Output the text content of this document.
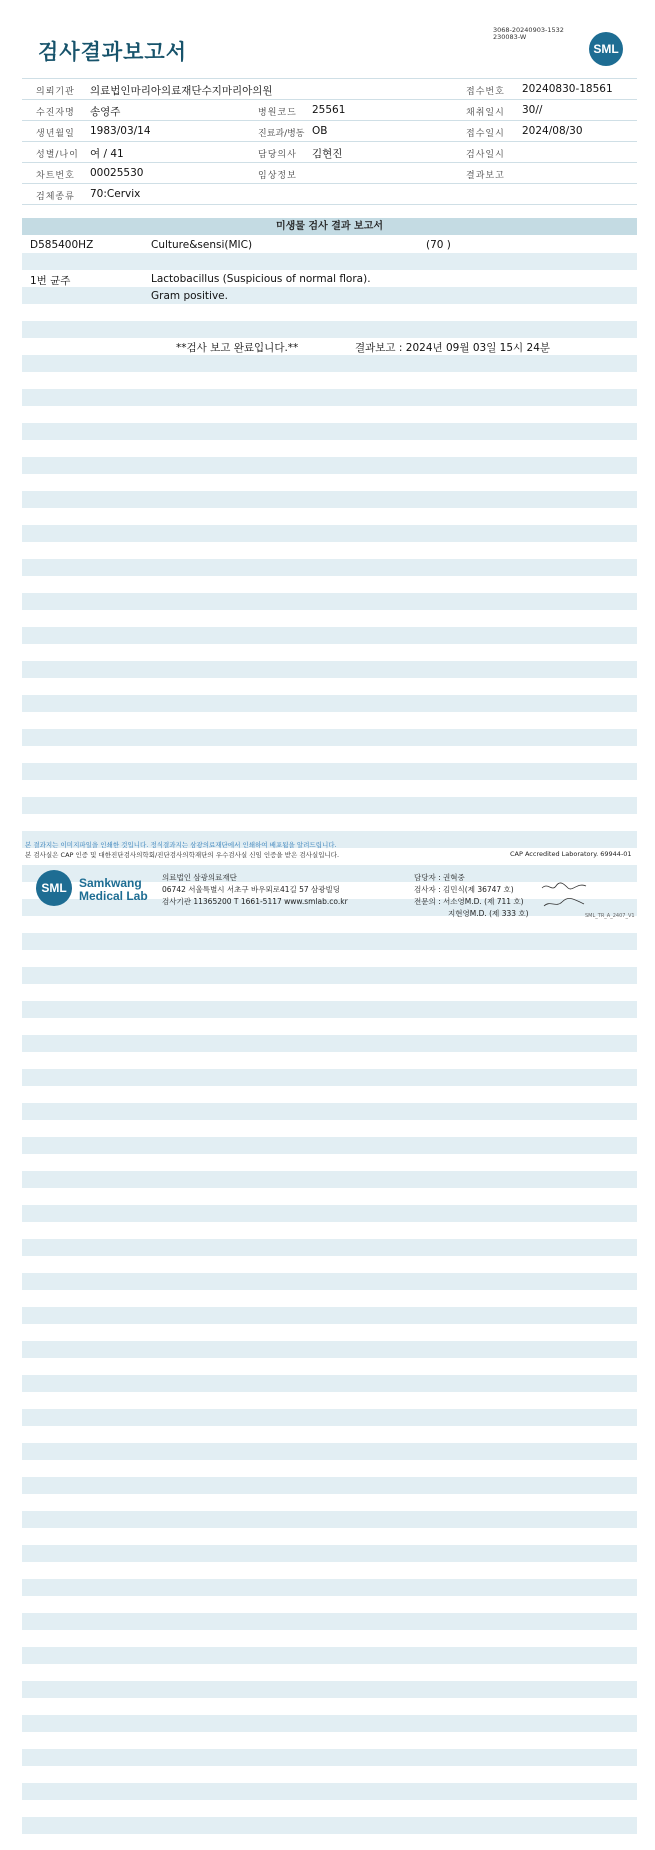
검사결과보고서
3068-20240903-1532
230083-W
SML
의뢰기관 의료법인마리아의료재단수지마리아의원	접수번호 20240830-18561
수진자명 송영주	병원코드 25561	채취일시 30//
생년월일 1983/03/14	진료과/병동 OB	접수일시 2024/08/30
성별/나이 여 / 41	담당의사 김현진	검사일시
차트번호 00025530	임상정보	결과보고
검체종류 70:Cervix
미생물 검사 결과 보고서
D585400HZ	Culture&sensi(MIC)	(70 )
1번 균주	Lactobacillus (Suspicious of normal flora).
Gram positive.
**검사 보고 완료입니다.**	결과보고 : 2024년 09월 03일 15시 24분
본 결과지는 이미지파일을 인쇄한 것입니다. 정식결과지는 삼광의료재단에서 인쇄하여 배포됨을 알려드립니다.
본 검사실은 CAP 인증 및 대한진단검사의학회/진단검사의학재단의 우수검사실 신임 인증을 받은 검사실입니다.	CAP Accredited Laboratory. 69944-01
SML	Samkwang
Medical Lab
의료법인 삼광의료재단
06742 서울특별시 서초구 바우뫼로41길 57 삼광빌딩
검사기관 11365200 T 1661-5117 www.smlab.co.kr
담당자 : 권혁중
검사자 : 김민식(제 36747 호)
전문의 : 서소영M.D. (제 711 호)
지현영M.D. (제 333 호)	SML_TR_A_2407_V1
